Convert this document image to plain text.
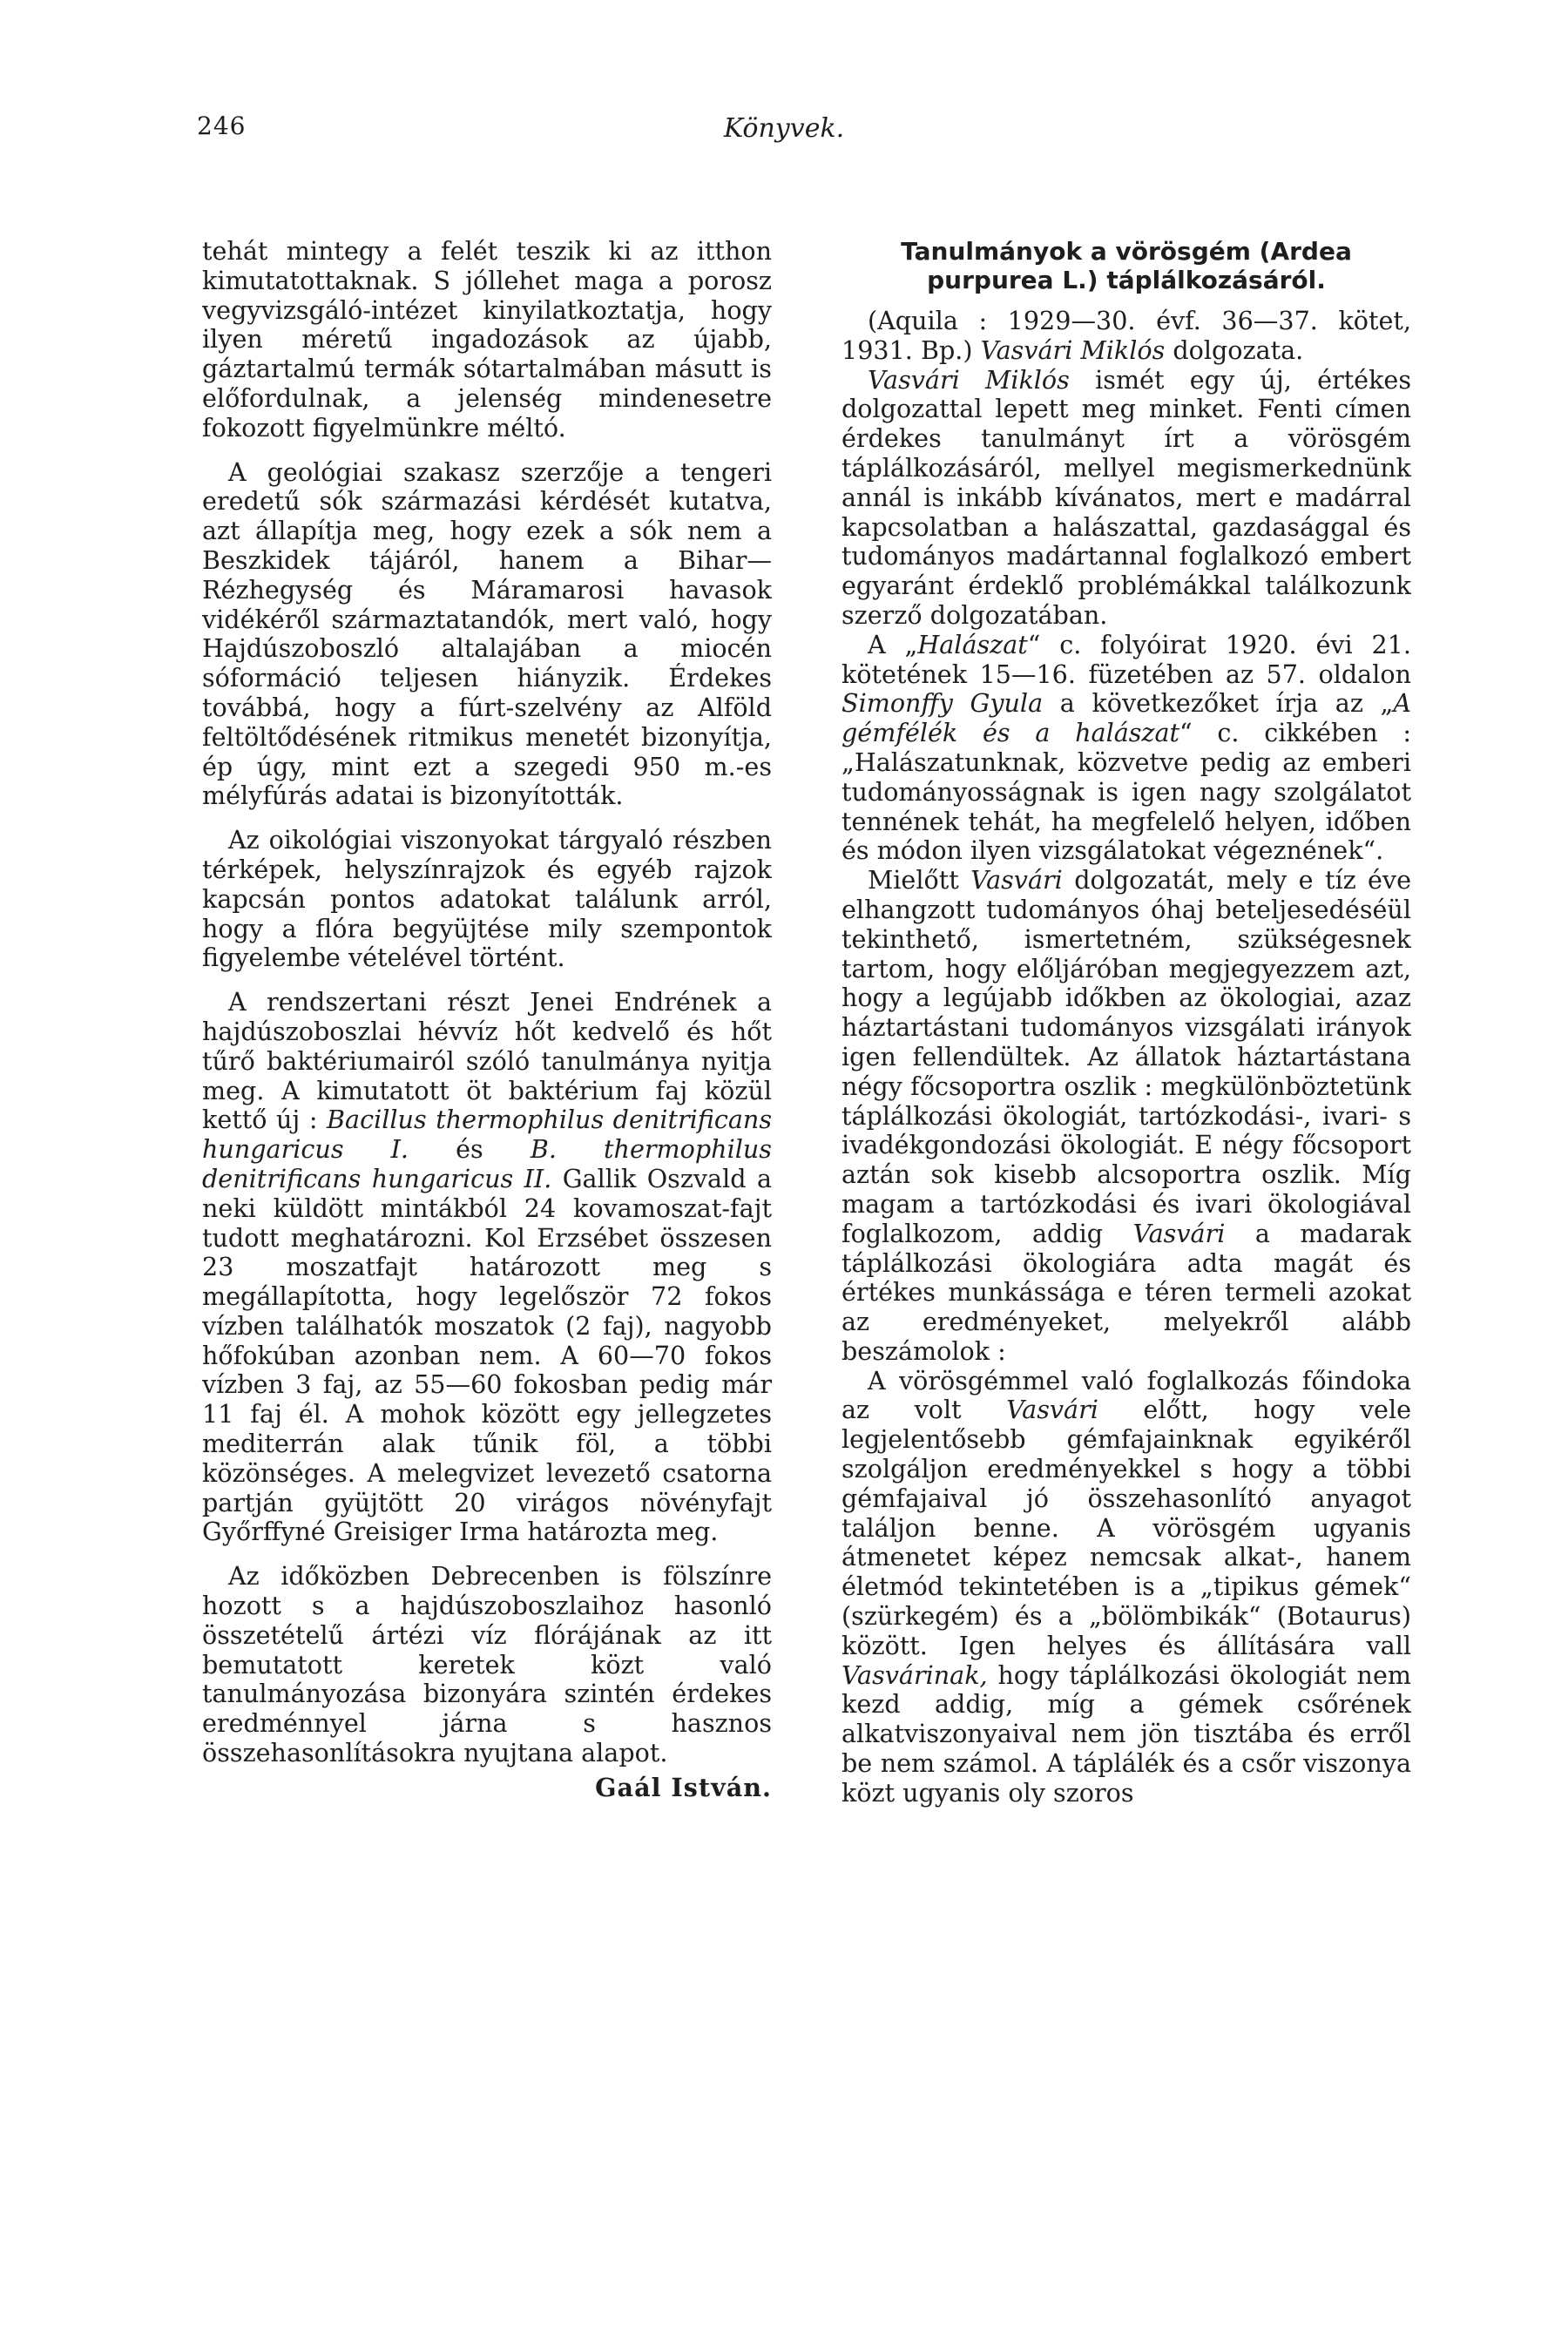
246	Könyvek.

tehát mintegy a felét teszik ki az itthon kimutatottaknak. S jóllehet maga a porosz vegyvizsgáló-intézet kinyilatkoztatja, hogy ilyen méretű ingadozások az újabb, gáztartalmú termák sótartalmában másutt is előfordulnak, a jelenség mindenesetre fokozott figyelmünkre méltó.

A geológiai szakasz szerzője a tengeri eredetű sók származási kérdését kutatva, azt állapítja meg, hogy ezek a sók nem a Beszkidek tájáról, hanem a Bihar—Rézhegység és Máramarosi havasok vidékéről származtatandók, mert való, hogy Hajdúszoboszló altalajában a miocén sóformáció teljesen hiányzik. Érdekes továbbá, hogy a fúrt-szelvény az Alföld feltöltődésének ritmikus menetét bizonyítja, ép úgy, mint ezt a szegedi 950 m.-es mélyfúrás adatai is bizonyították.

Az oikológiai viszonyokat tárgyaló részben térképek, helyszínrajzok és egyéb rajzok kapcsán pontos adatokat találunk arról, hogy a flóra begyüjtése mily szempontok figyelembe vételével történt.

A rendszertani részt Jenei Endrének a hajdúszoboszlai hévvíz hőt kedvelő és hőt tűrő baktériumairól szóló tanulmánya nyitja meg. A kimutatott öt baktérium faj közül kettő új : Bacillus thermophilus denitrificans hungaricus I. és B. thermophilus denitrificans hungaricus II. Gallik Oszvald a neki küldött mintákból 24 kovamoszat-fajt tudott meghatározni. Kol Erzsébet összesen 23 moszatfajt határozott meg s megállapította, hogy legelőször 72 fokos vízben találhatók moszatok (2 faj), nagyobb hőfokúban azonban nem. A 60—70 fokos vízben 3 faj, az 55—60 fokosban pedig már 11 faj él. A mohok között egy jellegzetes mediterrán alak tűnik föl, a többi közönséges. A melegvizet levezető csatorna partján gyüjtött 20 virágos növényfajt Győrffyné Greisiger Irma határozta meg.

Az időközben Debrecenben is fölszínre hozott s a hajdúszoboszlaihoz hasonló összetételű ártézi víz flórájának az itt bemutatott keretek közt való tanulmányozása bizonyára szintén érdekes eredménnyel járna s hasznos összehasonlításokra nyujtana alapot.

Gaál István.
Tanulmányok a vörösgém (Ardea purpurea L.) táplálkozásáról.

(Aquila : 1929—30. évf. 36—37. kötet, 1931. Bp.) Vasvári Miklós dolgozata.

Vasvári Miklós ismét egy új, értékes dolgozattal lepett meg minket. Fenti címen érdekes tanulmányt írt a vörösgém táplálkozásáról, mellyel megismerkednünk annál is inkább kívánatos, mert e madárral kapcsolatban a halászattal, gazdasággal és tudományos madártannal foglalkozó embert egyaránt érdeklő problémákkal találkozunk szerző dolgozatában.

A „Halászat“ c. folyóirat 1920. évi 21. kötetének 15—16. füzetében az 57. oldalon Simonffy Gyula a következőket írja az „A gémfélék és a halászat“ c. cikkében : „Halászatunknak, közvetve pedig az emberi tudományosságnak is igen nagy szolgálatot tennének tehát, ha megfelelő helyen, időben és módon ilyen vizsgálatokat végeznének“.

Mielőtt Vasvári dolgozatát, mely e tíz éve elhangzott tudományos óhaj beteljesedéséül tekinthető, ismertetném, szükségesnek tartom, hogy előljáróban megjegyezzem azt, hogy a legújabb időkben az ökologiai, azaz háztartástani tudományos vizsgálati irányok igen fellendültek. Az állatok háztartástana négy főcsoportra oszlik : megkülönböztetünk táplálkozási ökologiát, tartózkodási-, ivari- s ivadékgondozási ökologiát. E négy főcsoport aztán sok kisebb alcsoportra oszlik. Míg magam a tartózkodási és ivari ökologiával foglalkozom, addig Vasvári a madarak táplálkozási ökologiára adta magát és értékes munkássága e téren termeli azokat az eredményeket, melyekről alább beszámolok :

A vörösgémmel való foglalkozás főindoka az volt Vasvári előtt, hogy vele legjelentősebb gémfajainknak egyikéről szolgáljon eredményekkel s hogy a többi gémfajaival jó összehasonlító anyagot találjon benne. A vörösgém ugyanis átmenetet képez nemcsak alkat-, hanem életmód tekintetében is a „tipikus gémek“ (szürkegém) és a „bölömbikák“ (Botaurus) között. Igen helyes és állítására vall Vasvárinak, hogy táplálkozási ökologiát nem kezd addig, míg a gémek csőrének alkatviszonyaival nem jön tisztába és erről be nem számol. A táplálék és a csőr viszonya közt ugyanis oly szoros
